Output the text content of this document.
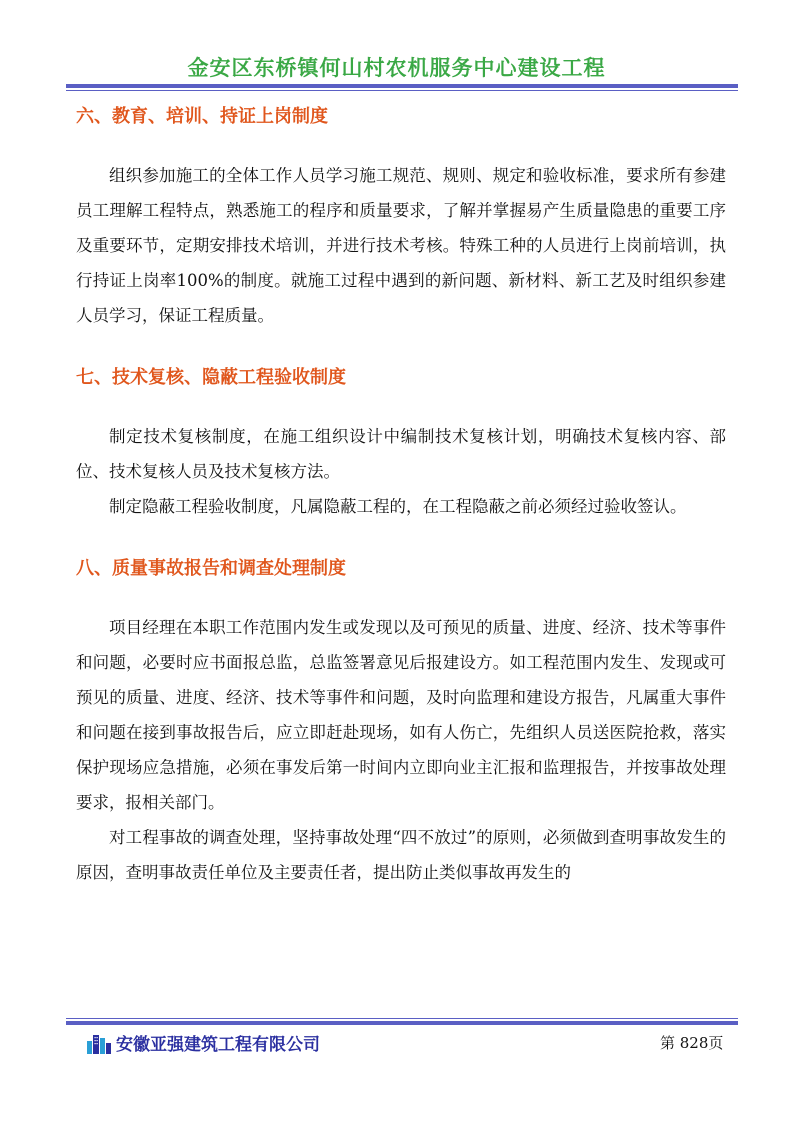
金安区东桥镇何山村农机服务中心建设工程
六、教育、培训、持证上岗制度

组织参加施工的全体工作人员学习施工规范、规则、规定和验收标准，要求所有参建员工理解工程特点，熟悉施工的程序和质量要求，了解并掌握易产生质量隐患的重要工序及重要环节，定期安排技术培训，并进行技术考核。特殊工种的人员进行上岗前培训，执行持证上岗率100%的制度。就施工过程中遇到的新问题、新材料、新工艺及时组织参建人员学习，保证工程质量。

七、技术复核、隐蔽工程验收制度

制定技术复核制度，在施工组织设计中编制技术复核计划，明确技术复核内容、部位、技术复核人员及技术复核方法。

制定隐蔽工程验收制度，凡属隐蔽工程的，在工程隐蔽之前必须经过验收签认。

八、质量事故报告和调查处理制度

项目经理在本职工作范围内发生或发现以及可预见的质量、进度、经济、技术等事件和问题，必要时应书面报总监，总监签署意见后报建设方。如工程范围内发生、发现或可预见的质量、进度、经济、技术等事件和问题，及时向监理和建设方报告，凡属重大事件和问题在接到事故报告后，应立即赶赴现场，如有人伤亡，先组织人员送医院抢救，落实保护现场应急措施，必须在事发后第一时间内立即向业主汇报和监理报告，并按事故处理要求，报相关部门。

对工程事故的调查处理，坚持事故处理“四不放过”的原则，必须做到查明事故发生的原因，查明事故责任单位及主要责任者，提出防止类似事故再发生的

安徽亚强建筑工程有限公司	第 828页
